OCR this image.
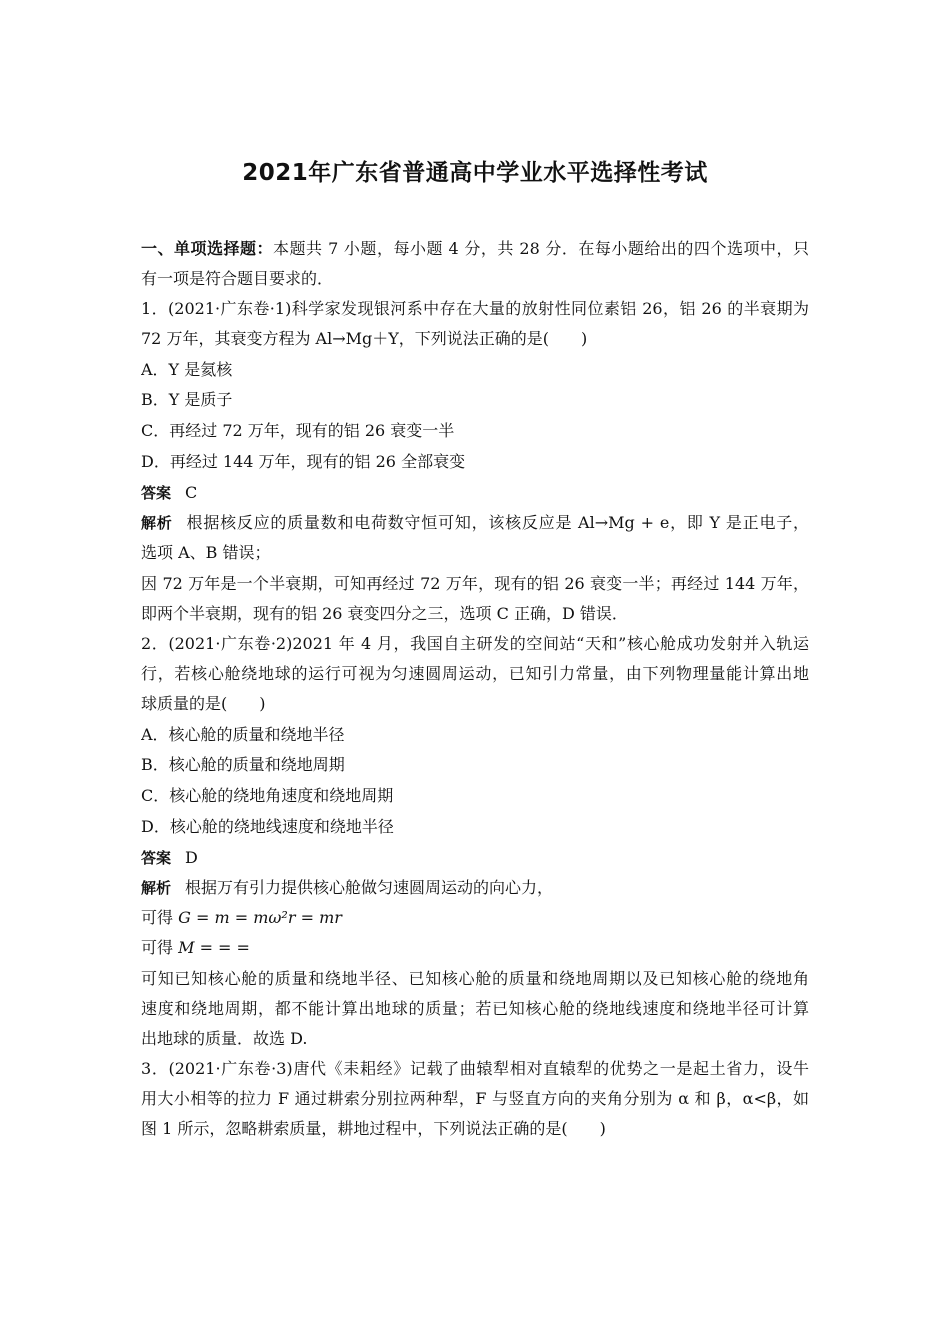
2021年广东省普通高中学业水平选择性考试
一、单项选择题：本题共 7 小题，每小题 4 分，共 28 分．在每小题给出的四个选项中，只
有一项是符合题目要求的．
1．(2021·广东卷·1)科学家发现银河系中存在大量的放射性同位素铝 26，铝 26 的半衰期为
72 万年，其衰变方程为 Al→Mg＋Y，下列说法正确的是(　　)
A．Y 是氦核
B．Y 是质子
C．再经过 72 万年，现有的铝 26 衰变一半
D．再经过 144 万年，现有的铝 26 全部衰变
答案 C
解析 根据核反应的质量数和电荷数守恒可知，该核反应是 Al→Mg + e，即 Y 是正电子，
选项 A、B 错误；
因 72 万年是一个半衰期，可知再经过 72 万年，现有的铝 26 衰变一半；再经过 144 万年，
即两个半衰期，现有的铝 26 衰变四分之三，选项 C 正确，D 错误．
2．(2021·广东卷·2)2021 年 4 月，我国自主研发的空间站“天和”核心舱成功发射并入轨运
行，若核心舱绕地球的运行可视为匀速圆周运动，已知引力常量，由下列物理量能计算出地
球质量的是(　　)
A．核心舱的质量和绕地半径
B．核心舱的质量和绕地周期
C．核心舱的绕地角速度和绕地周期
D．核心舱的绕地线速度和绕地半径
答案 D
解析 根据万有引力提供核心舱做匀速圆周运动的向心力，
可得 G = m = mω²r = mr
可得 M = = =
可知已知核心舱的质量和绕地半径、已知核心舱的质量和绕地周期以及已知核心舱的绕地角
速度和绕地周期，都不能计算出地球的质量；若已知核心舱的绕地线速度和绕地半径可计算
出地球的质量．故选 D.
3．(2021·广东卷·3)唐代《耒耜经》记载了曲辕犁相对直辕犁的优势之一是起土省力，设牛
用大小相等的拉力 F 通过耕索分别拉两种犁，F 与竖直方向的夹角分别为 α 和 β，α<β，如
图 1 所示，忽略耕索质量，耕地过程中，下列说法正确的是(　　)
